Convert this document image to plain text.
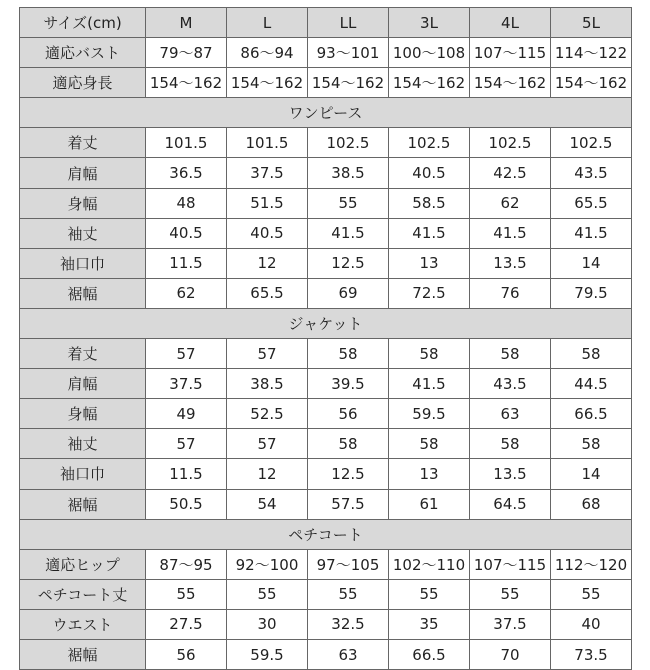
サイズ(cm)	M	L	LL	3L	4L	5L
適応バスト	79～87	86～94	93～101	100～108	107～115	114～122
適応身長	154～162	154～162	154～162	154～162	154～162	154～162
ワンピース						
着丈	101.5	101.5	102.5	102.5	102.5	102.5
肩幅	36.5	37.5	38.5	40.5	42.5	43.5
身幅	48	51.5	55	58.5	62	65.5
袖丈	40.5	40.5	41.5	41.5	41.5	41.5
袖口巾	11.5	12	12.5	13	13.5	14
裾幅	62	65.5	69	72.5	76	79.5
ジャケット						
着丈	57	57	58	58	58	58
肩幅	37.5	38.5	39.5	41.5	43.5	44.5
身幅	49	52.5	56	59.5	63	66.5
袖丈	57	57	58	58	58	58
袖口巾	11.5	12	12.5	13	13.5	14
裾幅	50.5	54	57.5	61	64.5	68
ペチコート						
適応ヒップ	87～95	92～100	97～105	102～110	107～115	112～120
ペチコート丈	55	55	55	55	55	55
ウエスト	27.5	30	32.5	35	37.5	40
裾幅	56	59.5	63	66.5	70	73.5
